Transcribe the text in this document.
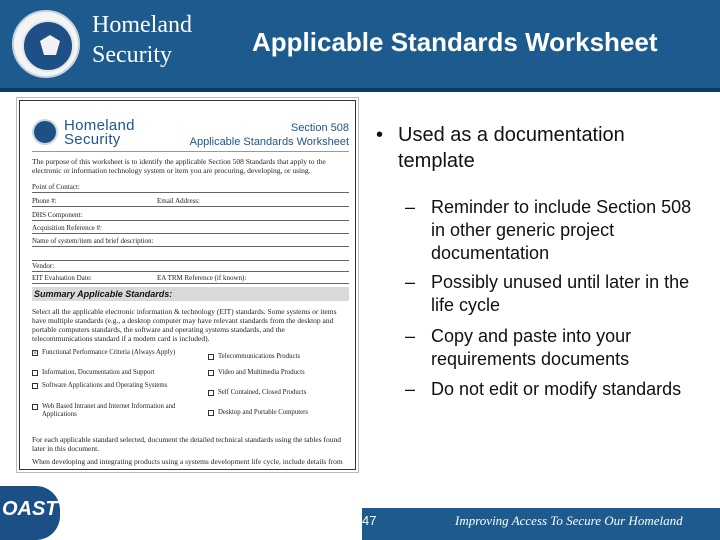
Homeland
Security	Applicable Standards Worksheet
Homeland
Security
Section 508
Applicable Standards Worksheet
The purpose of this worksheet is to identify the applicable Section 508 Standards that apply to the electronic or information technology system or item you are procuring, developing, or using.
Point of Contact:
Phone #:	Email Address:
DHS Component:
Acquisition Reference #:
Name of system/item and brief description:
Vendor:
EIT Evaluation Date:	EA TRM Reference (if known):
Summary Applicable Standards:
Select all the applicable electronic information & technology (EIT) standards. Some systems or items have multiple standards (e.g., a desktop computer may have relevant standards from the desktop and portable computers standards, the software and operating systems standards, and the telecommunications standard if a modem card is included).
× Functional Performance Criteria (Always Apply)
Information, Documentation and Support
Software Applications and Operating Systems
Web Based Intranet and Internet Information and Applications
Telecommunications Products
Video and Multimedia Products
Self Contained, Closed Products
Desktop and Portable Computers
For each applicable standard selected, document the detailed technical standards using the tables found later in this document.
When developing and integrating products using a systems development life cycle, include details from
• Used as a documentation template
– Reminder to include Section 508 in other generic project documentation
– Possibly unused until later in the life cycle
– Copy and paste into your requirements documents
– Do not edit or modify standards
OAST
47	Improving Access To Secure Our Homeland
